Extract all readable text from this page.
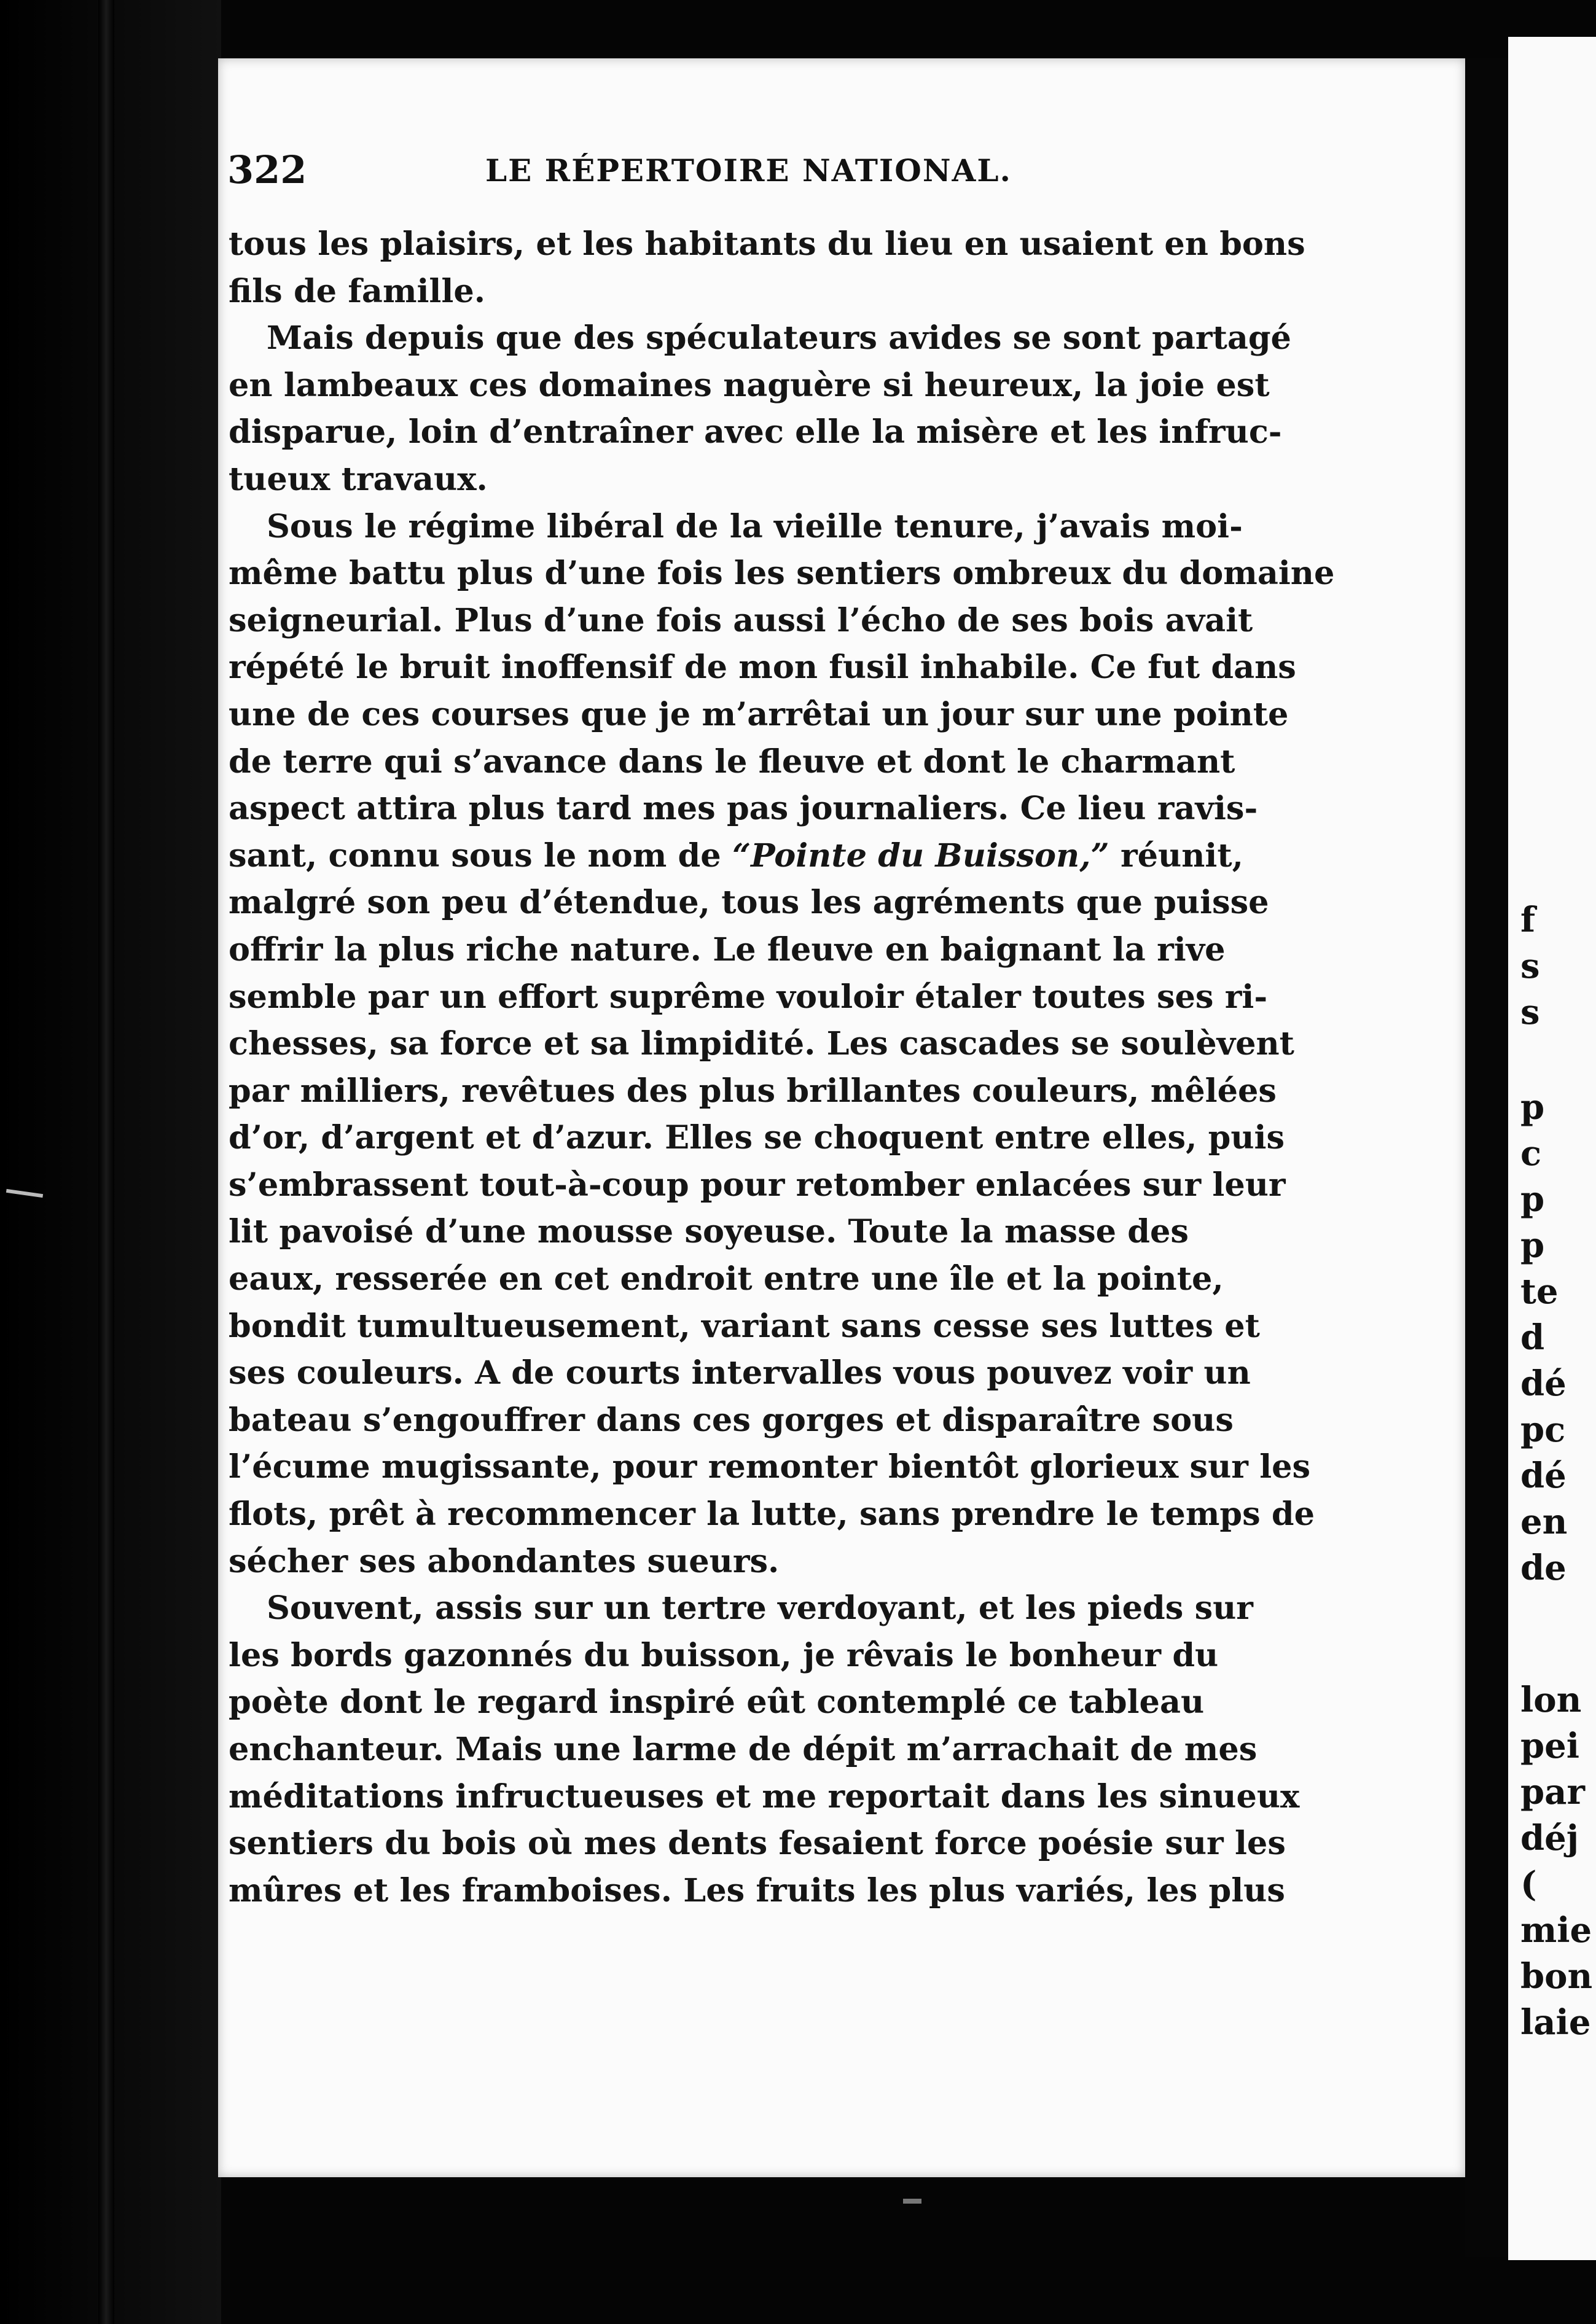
f
s
s
p
c
p
p
te
d
dé
pc
dé
en
de
lon
pei
par
déj
(
mie
bon
laie
322	LE RÉPERTOIRE NATIONAL.
tous les plaisirs, et les habitants du lieu en usaient en bons
fils de famille.
Mais depuis que des spéculateurs avides se sont partagé
en lambeaux ces domaines naguère si heureux, la joie est
disparue, loin d’entraîner avec elle la misère et les infruc-
tueux travaux.
Sous le régime libéral de la vieille tenure, j’avais moi-
même battu plus d’une fois les sentiers ombreux du domaine
seigneurial. Plus d’une fois aussi l’écho de ses bois avait
répété le bruit inoffensif de mon fusil inhabile. Ce fut dans
une de ces courses que je m’arrêtai un jour sur une pointe
de terre qui s’avance dans le fleuve et dont le charmant
aspect attira plus tard mes pas journaliers. Ce lieu ravis-
sant, connu sous le nom de “Pointe du Buisson,” réunit,
malgré son peu d’étendue, tous les agréments que puisse
offrir la plus riche nature. Le fleuve en baignant la rive
semble par un effort suprême vouloir étaler toutes ses ri-
chesses, sa force et sa limpidité. Les cascades se soulèvent
par milliers, revêtues des plus brillantes couleurs, mêlées
d’or, d’argent et d’azur. Elles se choquent entre elles, puis
s’embrassent tout-à-coup pour retomber enlacées sur leur
lit pavoisé d’une mousse soyeuse. Toute la masse des
eaux, resserée en cet endroit entre une île et la pointe,
bondit tumultueusement, variant sans cesse ses luttes et
ses couleurs. A de courts intervalles vous pouvez voir un
bateau s’engouffrer dans ces gorges et disparaître sous
l’écume mugissante, pour remonter bientôt glorieux sur les
flots, prêt à recommencer la lutte, sans prendre le temps de
sécher ses abondantes sueurs.
Souvent, assis sur un tertre verdoyant, et les pieds sur
les bords gazonnés du buisson, je rêvais le bonheur du
poète dont le regard inspiré eût contemplé ce tableau
enchanteur. Mais une larme de dépit m’arrachait de mes
méditations infructueuses et me reportait dans les sinueux
sentiers du bois où mes dents fesaient force poésie sur les
mûres et les framboises. Les fruits les plus variés, les plus
